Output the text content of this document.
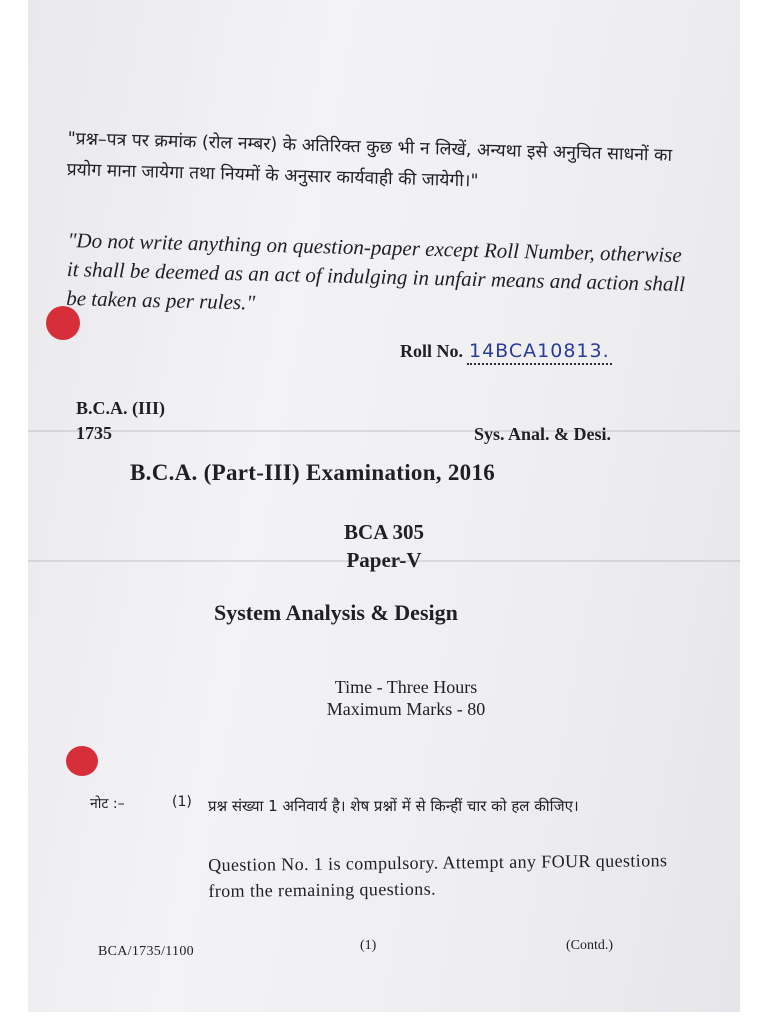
"प्रश्न–पत्र पर क्रमांक (रोल नम्बर) के अतिरिक्त कुछ भी न लिखें, अन्यथा इसे अनुचित साधनों का प्रयोग माना जायेगा तथा नियमों के अनुसार कार्यवाही की जायेगी।"

"Do not write anything on question-paper except Roll Number, otherwise it shall be deemed as an act of indulging in unfair means and action shall be taken as per rules."

Roll No.14BCA10813.
B.C.A. (III)
1735	Sys. Anal. & Desi.
B.C.A. (Part-III) Examination, 2016
BCA 305
Paper-V
System Analysis & Design
Time - Three Hours
Maximum Marks - 80
नोट :–	(1) प्रश्न संख्या 1 अनिवार्य है। शेष प्रश्नों में से किन्हीं चार को हल कीजिए।

Question No. 1 is compulsory. Attempt any FOUR questions from the remaining questions.

BCA/1735/1100	(1)	(Contd.)
